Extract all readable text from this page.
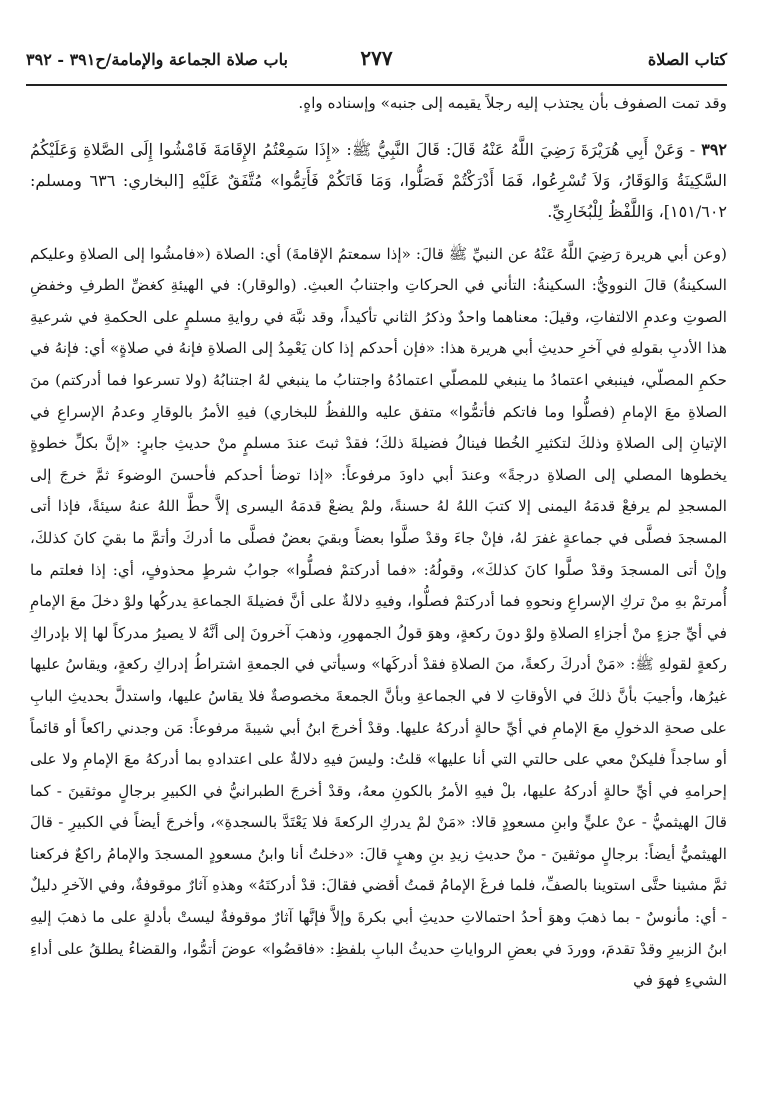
كتاب الصلاة
٢٧٧
باب صلاة الجماعة والإمامة/ح٣٩١ - ٣٩٢

وقد تمت الصفوف بأن يجتذب إليه رجلاً يقيمه إلى جنبه» وإسناده واهٍ.

٣٩٢ - وَعَنْ أَبِي هُرَيْرَةَ رَضِيَ اللَّهُ عَنْهُ قَالَ: قَالَ النَّبِيُّ ﷺ: «إِذَا سَمِعْتُمُ الإِقَامَةَ فَامْشُوا إِلَى الصَّلاةِ وَعَلَيْكُمُ السَّكِينَةُ وَالوَقَارُ، وَلاَ تُسْرِعُوا، فَمَا أَدْرَكْتُمْ فَصَلُّوا، وَمَا فَاتَكُمْ فَأَتِمُّوا» مُتَّفَقٌ عَلَيْهِ [البخاري: ٦٣٦ ومسلم: ١٥١/٦٠٢]، وَاللَّفْظُ لِلْبُخَارِيِّ.

(وعن أبي هريرة رَضِيَ اللَّهُ عَنْهُ عن النبيِّ ﷺ قالَ: «إذا سمعتمُ الإقامةَ) أي: الصلاة («فامشُوا إلى الصلاةِ وعليكم السكينةُ) قالَ النوويُّ: السكينةُ: التأني في الحركاتِ واجتنابُ العبثِ. (والوقار): في الهيئةِ كغضِّ الطرفِ وخفضِ الصوتِ وعدمِ الالتفاتِ، وقيلَ: معناهما واحدٌ وذكرُ الثاني تأكيداً، وقد نبَّهَ في روايةِ مسلمٍ على الحكمةِ في شرعيةِ هذا الأدبِ بقولهِ في آخرِ حديثِ أبي هريرة هذا: «فإن أحدكم إذا كان يَعْمِدُ إلى الصلاةِ فإنهُ في صلاةٍ» أي: فإنهُ في حكمِ المصلّي، فينبغي اعتمادُ ما ينبغي للمصلّي اعتمادُهُ واجتنابُ ما ينبغي لهُ اجتنابُهُ (ولا تسرعوا فما أدركتم) منَ الصلاةِ معَ الإمامِ (فصلُّوا وما فاتكم فأتمُّوا» متفق عليه واللفظُ للبخاري) فيهِ الأمرُ بالوقارِ وعدمُ الإسراعِ في الإتيانِ إلى الصلاةِ وذلكَ لتكثيرِ الخُطا فينالُ فضيلةَ ذلكَ؛ فقدْ ثبتَ عندَ مسلمٍ منْ حديثِ جابرٍ: «إنَّ بكلِّ خطوةٍ يخطوها المصلي إلى الصلاةِ درجةً» وعندَ أبي داودَ مرفوعاً: «إذا توضأ أحدكم فأحسنَ الوضوءَ ثمَّ خرجَ إلى المسجدِ لم يرفعْ قدمَهُ اليمنى إلا كتبَ اللهُ لهُ حسنةً، ولمْ يضعْ قدمَهُ اليسرى إلاَّ حطَّ اللهُ عنهُ سيئةً، فإذا أتى المسجدَ فصلَّى في جماعةٍ غفرَ لهُ، فإنْ جاءَ وقدْ صلَّوا بعضاً وبقيَ بعضٌ فصلَّى ما أدركَ وأتمَّ ما بقيَ كانَ كذلكَ، وإنْ أتى المسجدَ وقدْ صلَّوا كانَ كذلكَ»، وقولُهُ: «فما أدركتمْ فصلُّوا» جوابُ شرطٍ محذوفٍ، أي: إذا فعلتم ما أُمرتمْ بهِ منْ تركِ الإسراعِ ونحوهِ فما أدركتمْ فصلُّوا، وفيهِ دلالةٌ على أنَّ فضيلةَ الجماعةِ يدركُها ولوْ دخلَ معَ الإمامِ في أيِّ جزءٍ منْ أجزاءِ الصلاةِ ولوْ دونَ ركعةٍ، وهوَ قولُ الجمهورِ، وذهبَ آخرونَ إلى أنَّهُ لا يصيرُ مدركاً لها إلا بإدراكِ ركعةٍ لقولهِ ﷺ: «مَنْ أدركَ ركعةً، منَ الصلاةِ فقدْ أدركَها» وسيأتي في الجمعةِ اشتراطُ إدراكِ ركعةٍ، ويقاسُ عليها غيرُها، وأجيبَ بأنَّ ذلكَ في الأوقاتِ لا في الجماعةِ وبأنَّ الجمعةَ مخصوصةٌ فلا يقاسُ عليها، واستدلَّ بحديثِ البابِ على صحةِ الدخولِ معَ الإمامِ في أيِّ حالةٍ أدركهُ عليها. وقدْ أخرجَ ابنُ أبي شيبةَ مرفوعاً: مَن وجدني راكعاً أو قائماً أو ساجداً فليكنْ معي على حالتي التي أنا عليها» قلتُ: وليسَ فيهِ دلالةٌ على اعتدادهِ بما أدركهُ معَ الإمامِ ولا على إحرامهِ في أيِّ حالةٍ أدركهُ عليها، بلْ فيهِ الأمرُ بالكونِ معهُ، وقدْ أخرجَ الطبرانيُّ في الكبيرِ برجالٍ موثقينَ - كما قالَ الهيثميُّ - عنْ عليٍّ وابنِ مسعودٍ قالا: «مَنْ لمْ يدركِ الركعةَ فلا يَعْتَدَّ بالسجدةِ»، وأخرجَ أيضاً في الكبيرِ - قالَ الهيثميُّ أيضاً: برجالٍ موثقينَ - منْ حديثِ زيدِ بنِ وهبٍ قالَ: «دخلتُ أنا وابنُ مسعودٍ المسجدَ والإمامُ راكعٌ فركعنا ثمَّ مشينا حتَّى استوينا بالصفِّ، فلما فرغَ الإمامُ قمتُ أقضي فقالَ: قدْ أدركتَهُ» وهذهِ آثارٌ موقوفةٌ، وفي الآخرِ دليلٌ - أي: مأنوسٌ - بما ذهبَ وهوَ أحدُ احتمالاتِ حديثِ أبي بكرةَ وإلاَّ فإنَّها آثارٌ موقوفةٌ ليستْ بأدلةٍ على ما ذهبَ إليهِ ابنُ الزبيرِ وقدْ تقدمَ، ووردَ في بعضِ الرواياتِ حديثُ البابِ بلفظِ: «فاقضُوا» عوضَ أتمُّوا، والقضاءُ يطلقُ على أداءِ الشيءِ فهوَ في
